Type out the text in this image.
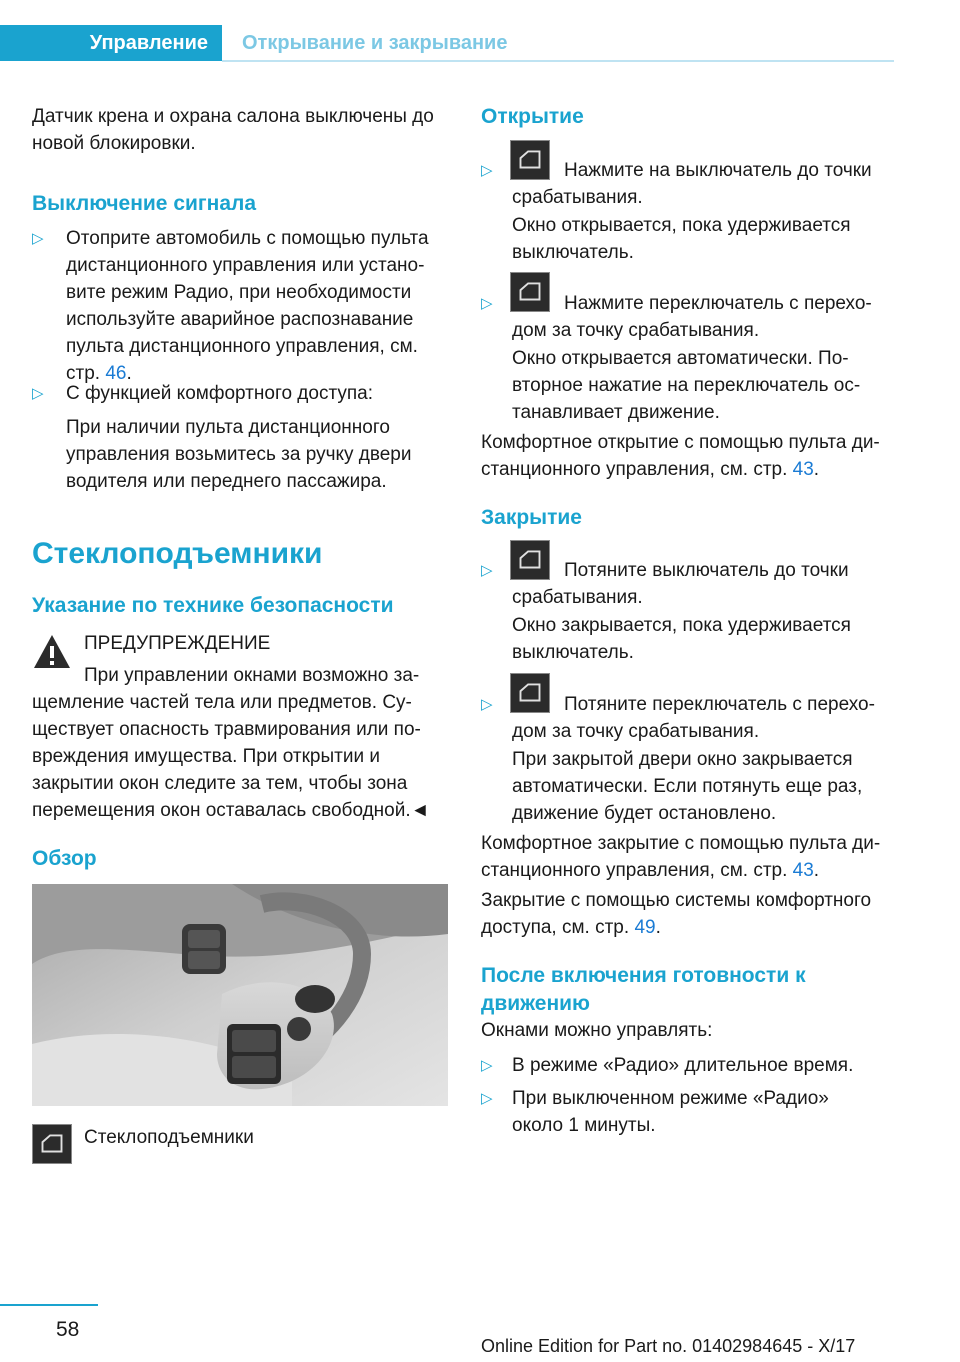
Управление	Открывание и закрывание
Датчик крена и охрана салона выключены до новой блокировки.
Выключение сигнала
▷ Отоприте автомобиль с помощью пульта дистанционного управления или устано-вите режим Радио, при необходимости используйте аварийное распознавание пульта дистанционного управления, см. стр. 46.
▷ С функцией комфортного доступа:
При наличии пульта дистанционного управления возьмитесь за ручку двери водителя или переднего пассажира.
Стеклоподъемники
Указание по технике безопасности
ПРЕДУПРЕЖДЕНИЕ
При управлении окнами возможно за-щемление частей тела или предметов. Су-ществует опасность травмирования или по-вреждения имущества. При открытии и закрытии окон следите за тем, чтобы зона перемещения окон оставалась свободной.◄
Обзор
Стеклоподъемники
Открытие
▷	Нажмите на выключатель до точки срабатывания.
Окно открывается, пока удерживается выключатель.
▷	Нажмите переключатель с перехо-дом за точку срабатывания.
Окно открывается автоматически. По-вторное нажатие на переключатель ос-танавливает движение.
Комфортное открытие с помощью пульта ди-станционного управления, см. стр. 43.
Закрытие
▷	Потяните выключатель до точки срабатывания.
Окно закрывается, пока удерживается выключатель.
▷	Потяните переключатель с перехо-дом за точку срабатывания.
При закрытой двери окно закрывается автоматически. Если потянуть еще раз, движение будет остановлено.
Комфортное закрытие с помощью пульта ди-станционного управления, см. стр. 43.
Закрытие с помощью системы комфортного доступа, см. стр. 49.
После включения готовности к движению
Окнами можно управлять:
▷ В режиме «Радио» длительное время.
▷ При выключенном режиме «Радио» около 1 минуты.
58
Online Edition for Part no. 01402984645 - X/17
